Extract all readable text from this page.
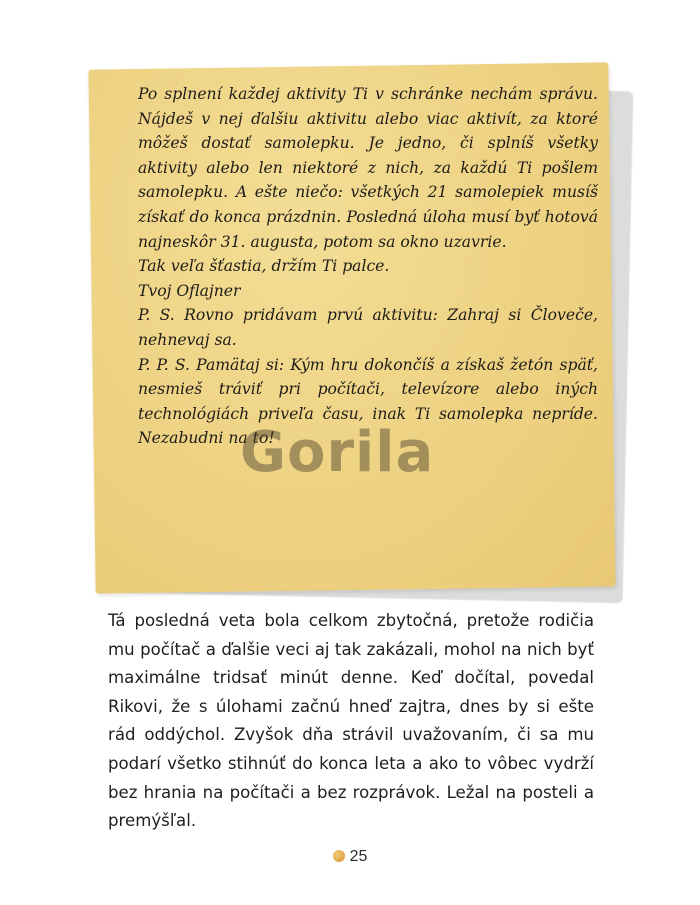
Po splnení každej aktivity Ti v schránke nechám správu. Nájdeš v nej ďalšiu aktivitu alebo viac aktivít, za ktoré môžeš dostať samolepku. Je jedno, či splníš všetky aktivity alebo len niektoré z nich, za každú Ti pošlem samolepku. A ešte niečo: všetkých 21 samolepiek musíš získať do konca prázdnin. Posledná úloha musí byť hotová najneskôr 31. augusta, potom sa okno uzavrie.

Tak veľa šťastia, držím Ti palce.

Tvoj Oflajner

P. S. Rovno pridávam prvú aktivitu: Zahraj si Človeče, nehnevaj sa.

P. P. S. Pamätaj si: Kým hru dokončíš a získaš žetón späť, nesmieš tráviť pri počítači, televízore alebo iných technológiách priveľa času, inak Ti samolepka nepríde. Nezabudni na to!

Gorila

Tá posledná veta bola celkom zbytočná, pretože rodičia mu počítač a ďalšie veci aj tak zakázali, mohol na nich byť maximálne tridsať minút denne. Keď dočítal, povedal Rikovi, že s úlohami začnú hneď zajtra, dnes by si ešte rád oddýchol. Zvyšok dňa strávil uvažovaním, či sa mu podarí všetko stihnúť do konca leta a ako to vôbec vydrží bez hrania na počítači a bez rozprávok. Ležal na posteli a premýšľal.

25
